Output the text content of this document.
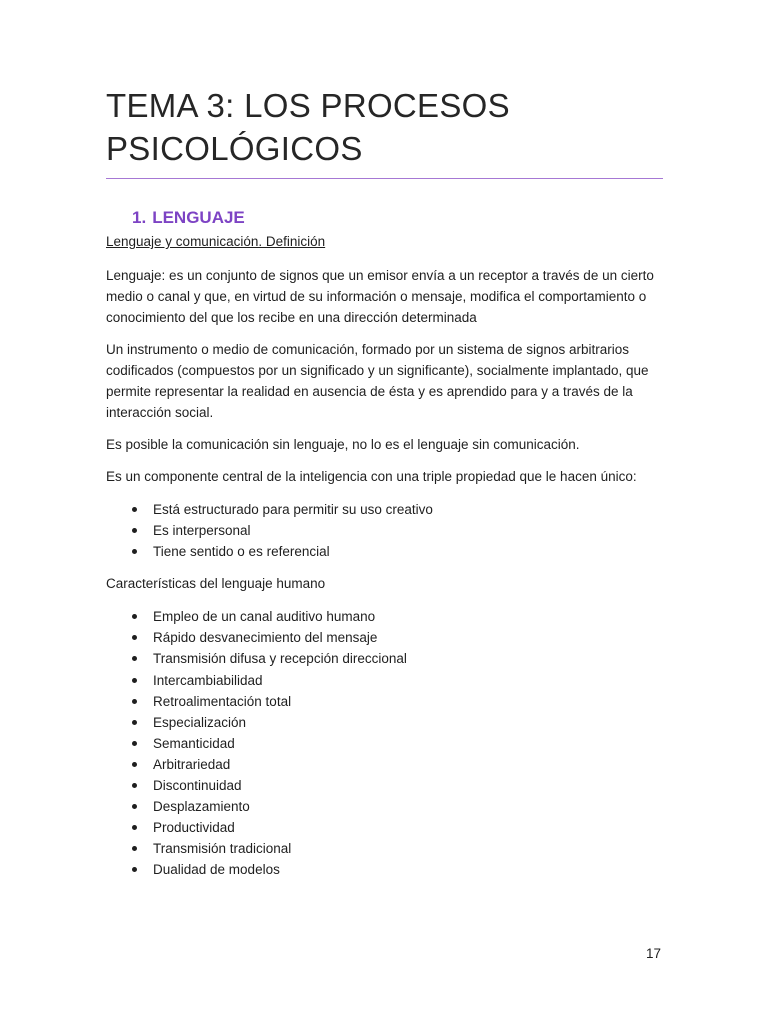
TEMA 3: LOS PROCESOS
PSICOLÓGICOS
1. LENGUAJE
Lenguaje y comunicación. Definición

Lenguaje: es un conjunto de signos que un emisor envía a un receptor a través de un cierto medio o canal y que, en virtud de su información o mensaje, modifica el comportamiento o conocimiento del que los recibe en una dirección determinada

Un instrumento o medio de comunicación, formado por un sistema de signos arbitrarios codificados (compuestos por un significado y un significante), socialmente implantado, que permite representar la realidad en ausencia de ésta y es aprendido para y a través de la interacción social.

Es posible la comunicación sin lenguaje, no lo es el lenguaje sin comunicación.

Es un componente central de la inteligencia con una triple propiedad que le hacen único:

Está estructurado para permitir su uso creativo
Es interpersonal
Tiene sentido o es referencial

Características del lenguaje humano

Empleo de un canal auditivo humano
Rápido desvanecimiento del mensaje
Transmisión difusa y recepción direccional
Intercambiabilidad
Retroalimentación total
Especialización
Semanticidad
Arbitrariedad
Discontinuidad
Desplazamiento
Productividad
Transmisión tradicional
Dualidad de modelos
17
